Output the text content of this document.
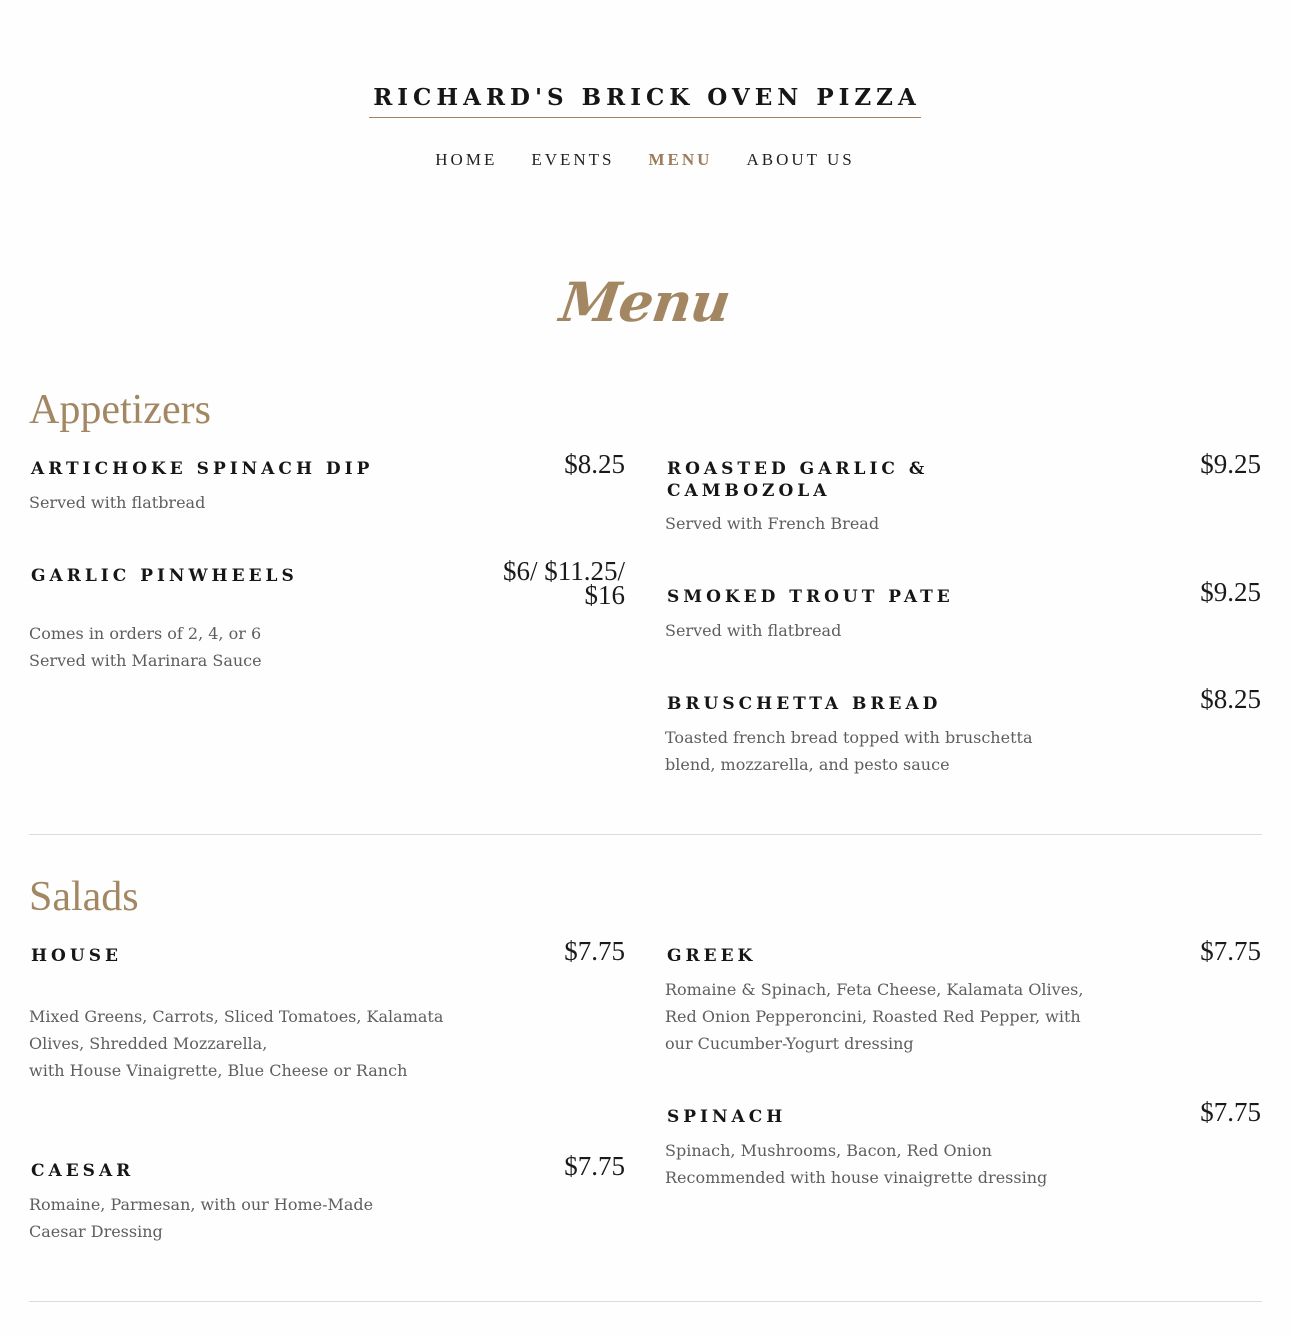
RICHARD'S BRICK OVEN PIZZA
HOME EVENTS MENU ABOUT US
Menu
Appetizers
ARTICHOKE SPINACH DIP	$8.25
Served with flatbread
GARLIC PINWHEELS	$6/ $11.25/
$16
Comes in orders of 2, 4, or 6
Served with Marinara Sauce
ROASTED GARLIC &
CAMBOZOLA
$9.25
Served with French Bread
SMOKED TROUT PATE	$9.25
Served with flatbread
BRUSCHETTA BREAD	$8.25
Toasted french bread topped with bruschetta
blend, mozzarella, and pesto sauce
Salads
HOUSE	$7.75
Mixed Greens, Carrots, Sliced Tomatoes, Kalamata
Olives, Shredded Mozzarella,
with House Vinaigrette, Blue Cheese or Ranch
CAESAR	$7.75
Romaine, Parmesan, with our Home-Made
Caesar Dressing
GREEK	$7.75
Romaine & Spinach, Feta Cheese, Kalamata Olives,
Red Onion Pepperoncini, Roasted Red Pepper, with
our Cucumber-Yogurt dressing
SPINACH	$7.75
Spinach, Mushrooms, Bacon, Red Onion
Recommended with house vinaigrette dressing
